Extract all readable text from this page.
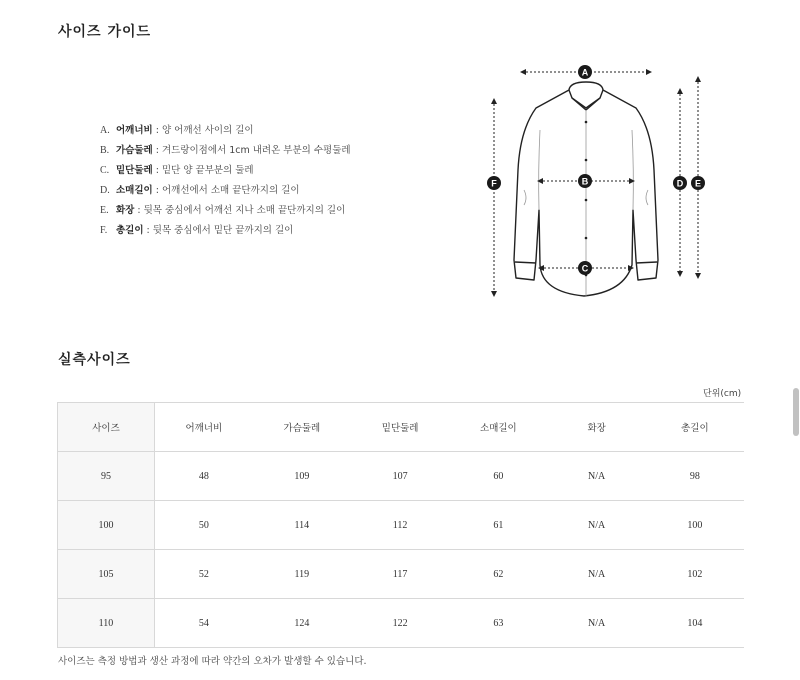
사이즈 가이드
A. 어깨너비 : 양 어깨선 사이의 길이
B. 가슴둘레 : 겨드랑이점에서 1cm 내려온 부분의 수평둘레
C. 밑단둘레 : 밑단 양 끝부분의 둘레
D. 소매길이 : 어깨선에서 소매 끝단까지의 길이
E. 화장 : 뒷목 중심에서 어깨선 지나 소매 끝단까지의 길이
F. 총길이 : 뒷목 중심에서 밑단 끝까지의 길이
A
B
C
D E
F
실측사이즈
단위(cm)
사이즈	어깨너비	가슴둘레	밑단둘레	소매길이	화장	총길이
95	48	109	107	60	N/A	98
100	50	114	112	61	N/A	100
105	52	119	117	62	N/A	102
110	54	124	122	63	N/A	104

사이즈는 측정 방법과 생산 과정에 따라 약간의 오차가 발생할 수 있습니다.
